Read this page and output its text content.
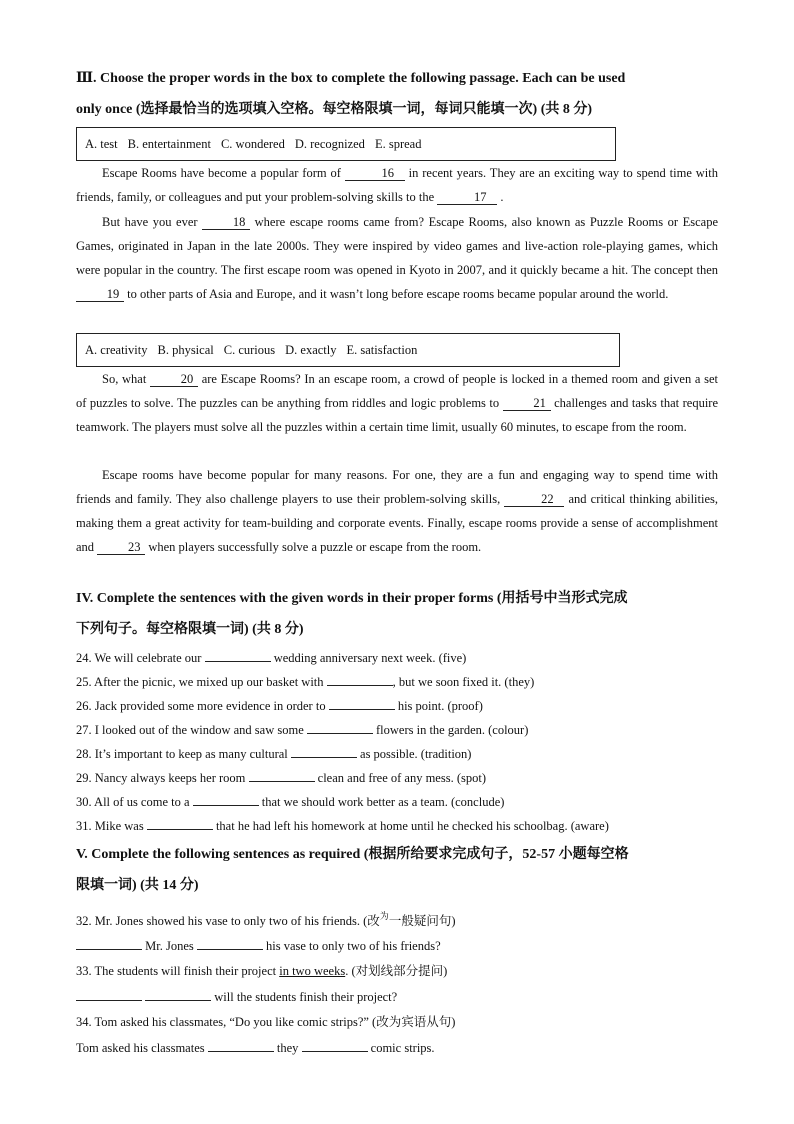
Ⅲ. Choose the proper words in the box to complete the following passage. Each can be used
only once (选择最恰当的选项填入空格。每空格限填一词，每词只能填一次) (共 8 分)
A. test B. entertainment C. wondered D. recognized E. spread
Escape Rooms have become a popular form of	16 in recent years. They are an exciting way to spend time with friends, family, or colleagues and put your problem-solving skills to the	17 .
But have you ever 18 where escape rooms came from? Escape Rooms, also known as Puzzle Rooms or Escape Games, originated in Japan in the late 2000s. They were inspired by video games and live-action role-playing games, which were popular in the country. The first escape room was opened in Kyoto in 2007, and it quickly became a hit. The concept then 19 to other parts of Asia and Europe, and it wasn’t long before escape rooms became popular around the world.
A. creativity B. physical C. curious D. exactly E. satisfaction
So, what 20 are Escape Rooms? In an escape room, a crowd of people is locked in a themed room and given a set of puzzles to solve. The puzzles can be anything from riddles and logic problems to 21 challenges and tasks that require teamwork. The players must solve all the puzzles within a certain time limit, usually 60 minutes, to escape from the room.
Escape rooms have become popular for many reasons. For one, they are a fun and engaging way to spend time with friends and family. They also challenge players to use their problem-solving skills,	22 and critical thinking abilities, making them a great activity for team-building and corporate events. Finally, escape rooms provide a sense of accomplishment and 23 when players successfully solve a puzzle or escape from the room.
IV. Complete the sentences with the given words in their proper forms (用括号中当形式完成
下列句子。每空格限填一词) (共 8 分)
24. We will celebrate our	wedding anniversary next week. (five)
25. After the picnic, we mixed up our basket with	, but we soon fixed it. (they)
26. Jack provided some more evidence in order to	his point. (proof)
27. I looked out of the window and saw some	flowers in the garden. (colour)
28. It’s important to keep as many cultural	as possible. (tradition)
29. Nancy always keeps her room	clean and free of any mess. (spot)
30. All of us come to a	that we should work better as a team. (conclude)
31. Mike was	that he had left his homework at home until he checked his schoolbag. (aware)
V. Complete the following sentences as required (根据所给要求完成句子，52-57 小题每空格
限填一词) (共 14 分)
32. Mr. Jones showed his vase to only two of his friends. (改$^为$一般疑问句)
Mr. Jones	his vase to only two of his friends?
33. The students will finish their project in two weeks. (对划线部分提问)
will the students finish their project?
34. Tom asked his classmates, “Do you like comic strips?” (改为宾语从句)
Tom asked his classmates	they	comic strips.
